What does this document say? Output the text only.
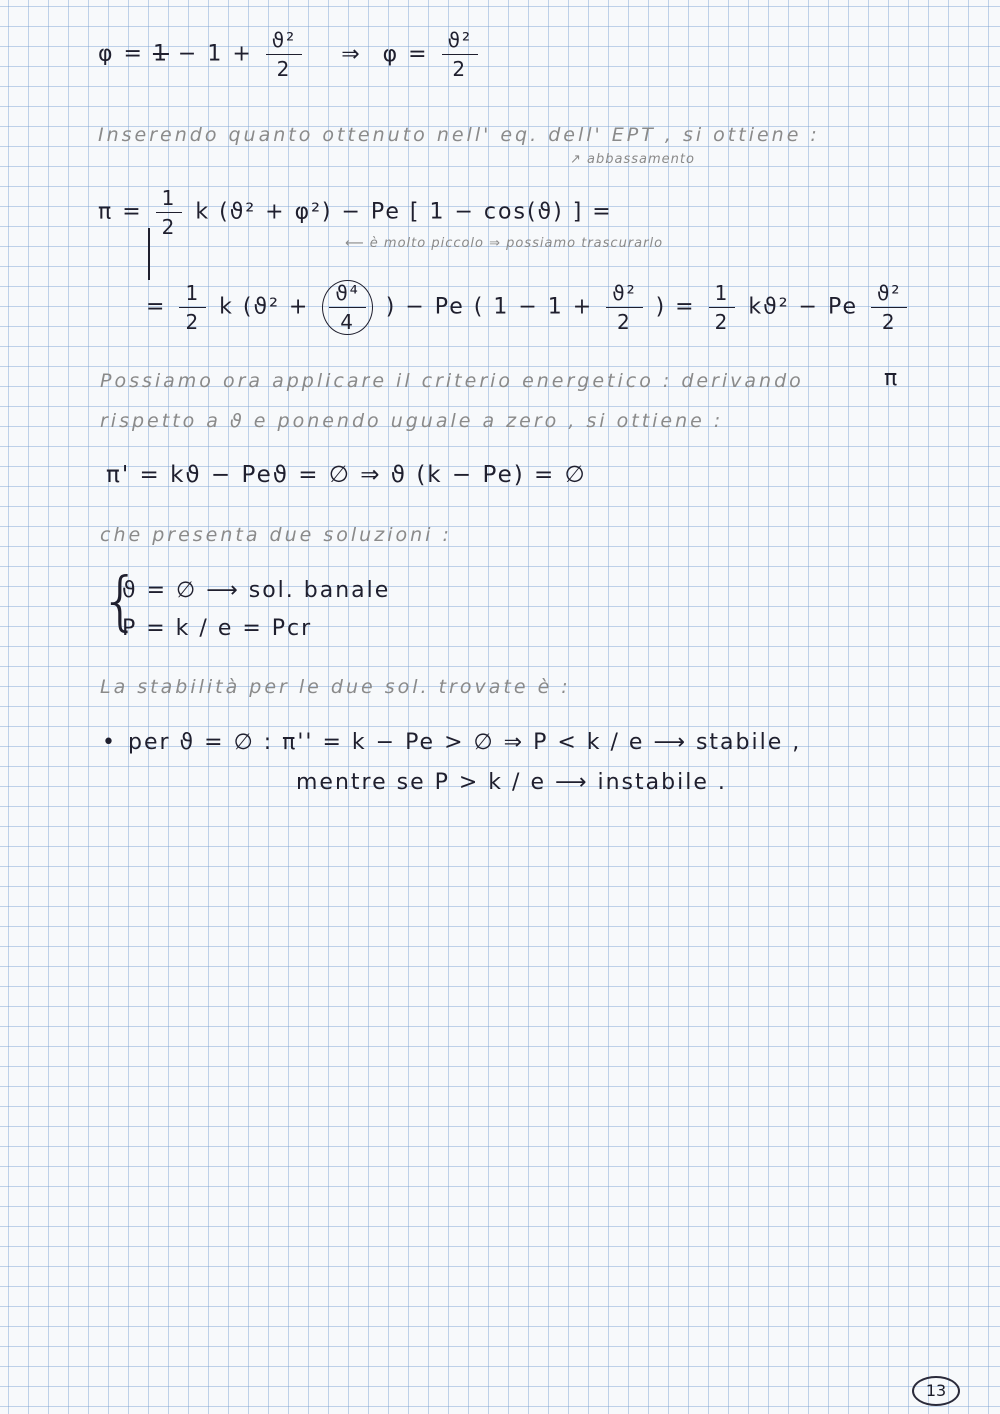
$\varphi = 1 - 1 + \frac{\text{ϑ²}}{2}$ ⇒ $\varphi = \frac{\text{ϑ²}}{2}$
Inserendo quanto ottenuto nell' eq. dell' EPT , si ottiene :
↗ abbassamento
$\pi = \frac{1}{2}$ k (ϑ² + φ²) − Pe [ 1 − cos(ϑ) ] =
⟵ è molto piccolo ⇒ possiamo trascurarlo
= $\frac{1}{2}$ k ($ϑ^2 + \frac{\text{ϑ⁴}}{4}$ ) − Pe ( $1 - 1 + \frac{\text{ϑ²}}{2}$ ) = $\frac{1}{2} kϑ^2 - Pe \frac{\text{ϑ²}}{2}$
Possiamo ora applicare il criterio energetico : derivando	π
rispetto a ϑ e ponendo uguale a zero , si ottiene :
π' = kϑ − Peϑ = ∅ ⇒ ϑ (k − Pe) = ∅
che presenta due soluzioni :
{
ϑ = ∅ ⟶ sol. banale
P = k / e = Pcr
La stabilità per le due sol. trovate è :
• per ϑ = ∅ : π'' = k − Pe > ∅ ⇒ P < k / e ⟶ stabile ,
mentre se P > k / e ⟶ instabile .
13
